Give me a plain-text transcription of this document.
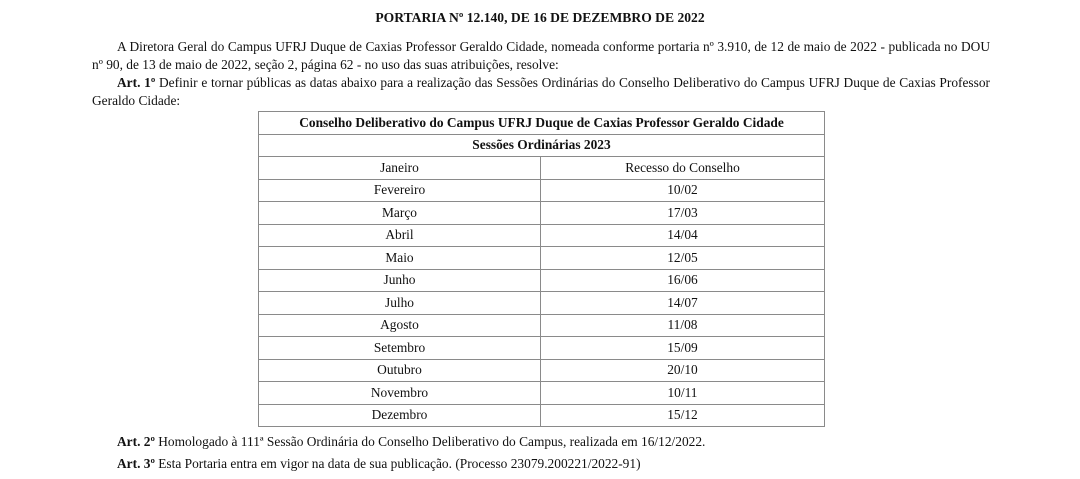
PORTARIA Nº 12.140, DE 16 DE DEZEMBRO DE 2022
A Diretora Geral do Campus UFRJ Duque de Caxias Professor Geraldo Cidade, nomeada conforme portaria nº 3.910, de 12 de maio de 2022 - publicada no DOU nº 90, de 13 de maio de 2022, seção 2, página 62 - no uso das suas atribuições, resolve:
Art. 1º Definir e tornar públicas as datas abaixo para a realização das Sessões Ordinárias do Conselho Deliberativo do Campus UFRJ Duque de Caxias Professor Geraldo Cidade:
Conselho Deliberativo do Campus UFRJ Duque de Caxias Professor Geraldo Cidade	
Sessões Ordinárias 2023	
Janeiro	Recesso do Conselho
Fevereiro	10/02
Março	17/03
Abril	14/04
Maio	12/05
Junho	16/06
Julho	14/07
Agosto	11/08
Setembro	15/09
Outubro	20/10
Novembro	10/11
Dezembro	15/12
Art. 2º Homologado à 111ª Sessão Ordinária do Conselho Deliberativo do Campus, realizada em 16/12/2022.
Art. 3º Esta Portaria entra em vigor na data de sua publicação. (Processo 23079.200221/2022-91)
